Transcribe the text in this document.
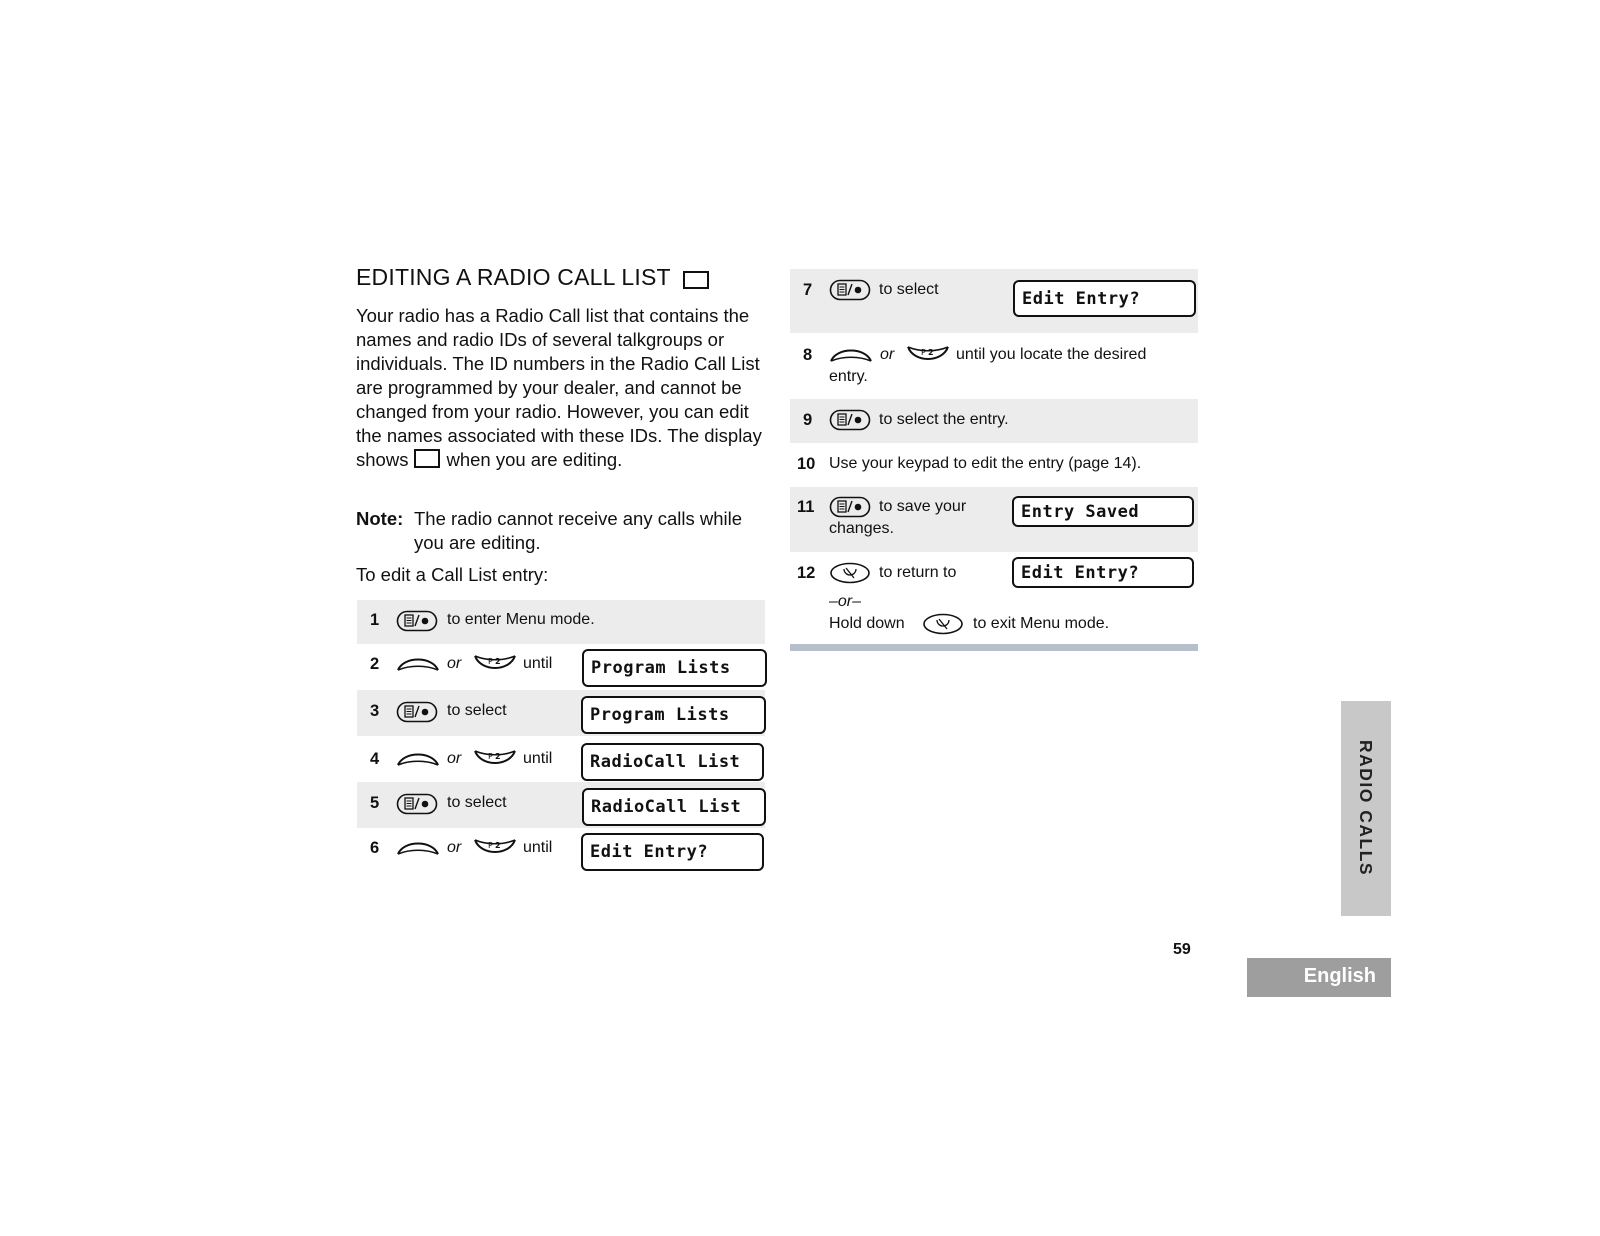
EDITING A RADIO CALL LIST
Your radio has a Radio Call list that contains the names and radio IDs of several talkgroups or individuals. The ID numbers in the Radio Call List are programmed by your dealer, and cannot be changed from your radio. However, you can edit the names associated with these IDs. The display shows when you are editing.
Note: The radio cannot receive any calls while you are editing.
To edit a Call List entry:
1	to enter Menu mode.
2	or	until	Program Lists
3	to select	Program Lists
4	or	until	RadioCall List
5	to select	RadioCall List
6	or	until	Edit Entry?
7	to select	Edit Entry?
8	or	until you locate the desired
entry.
9	to select the entry.
10 Use your keypad to edit the entry (page 14).
11	to save your
changes.
Entry Saved
12	to return to	Edit Entry?
–or–
Hold down	to exit Menu mode.
RADIO CALLS
59
English
